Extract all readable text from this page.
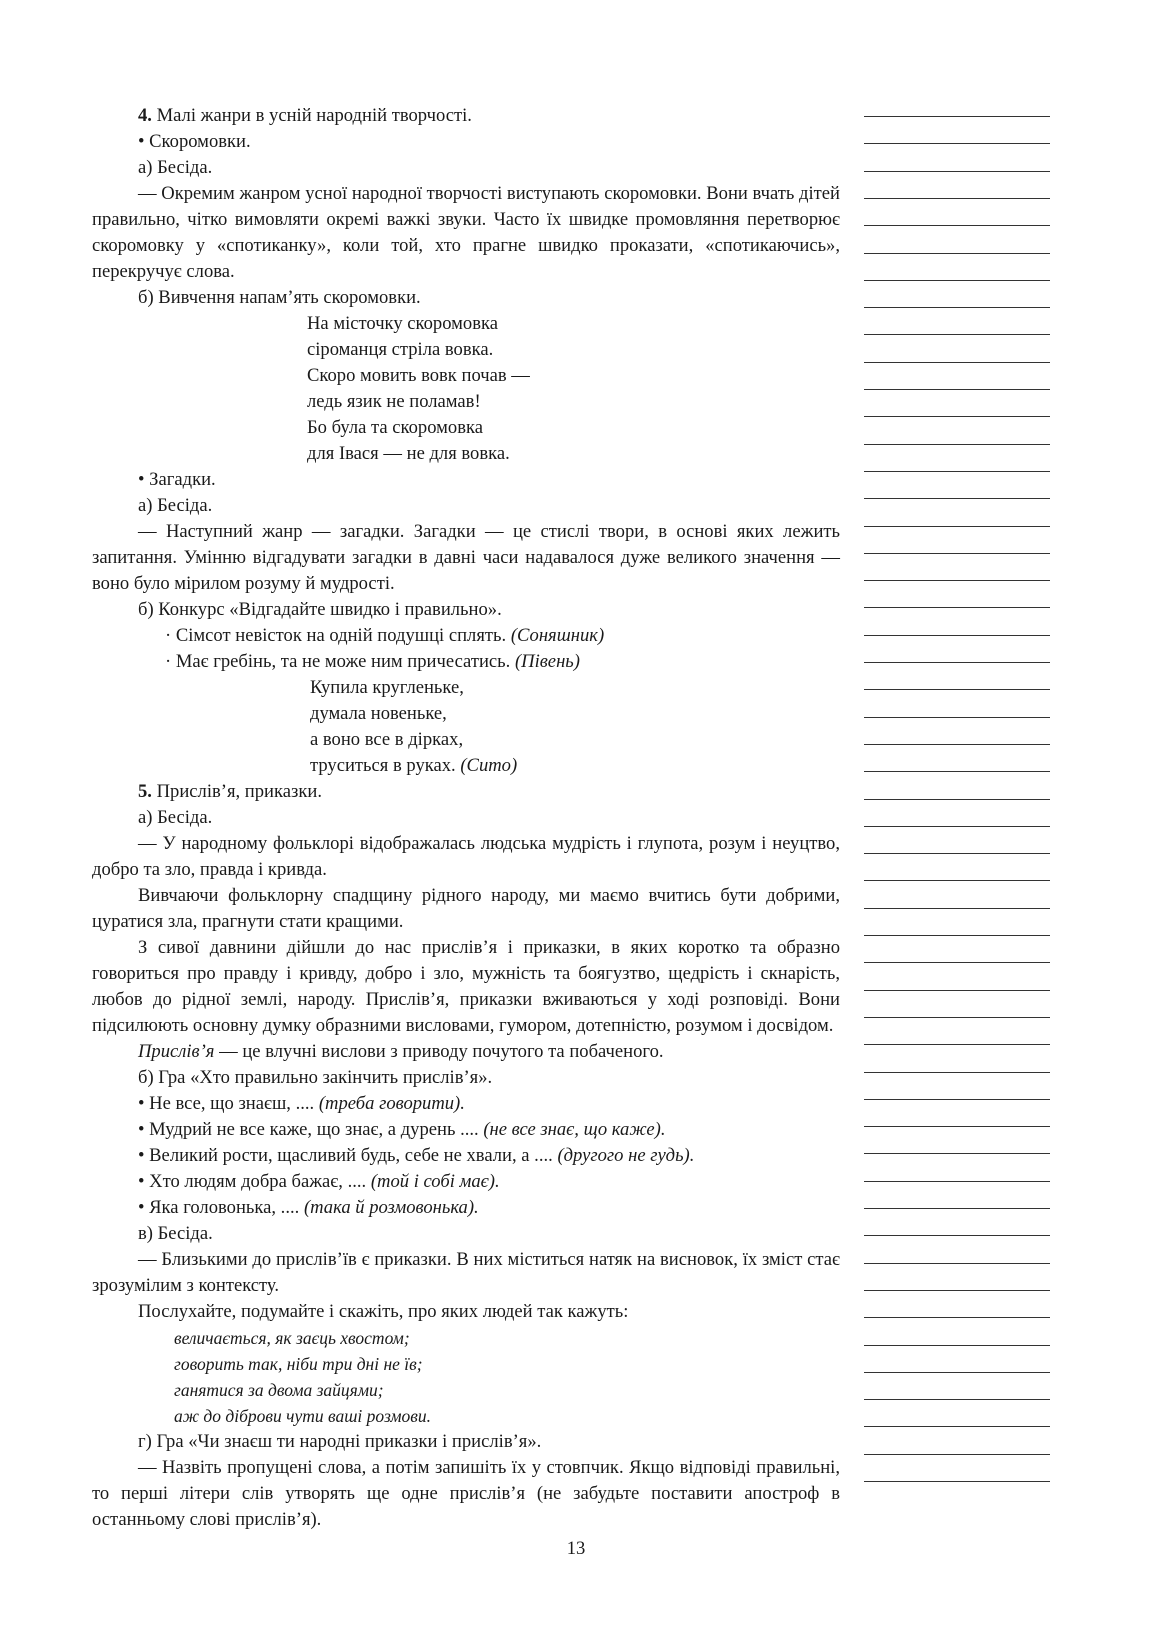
4. Малі жанри в усній народній творчості.

• Скоромовки.

а) Бесіда.

— Окремим жанром усної народної творчості виступають скоромовки. Вони вчать дітей правильно, чітко вимовляти окремі важкі звуки. Часто їх швидке промовляння перетворює скоромовку у «спотиканку», коли той, хто прагне швидко проказати, «спотикаючись», перекручує слова.

б) Вивчення напам’ять скоромовки.

На місточку скоромовка

сіроманця стріла вовка.

Скоро мовить вовк почав —

ледь язик не поламав!

Бо була та скоромовка

для Івася — не для вовка.

• Загадки.

а) Бесіда.

— Наступний жанр — загадки. Загадки — це стислі твори, в основі яких лежить запитання. Умінню відгадувати загадки в давні часи надавалося дуже великого значення — воно було мірилом розуму й мудрості.

б) Конкурс «Відгадайте швидко і правильно».

· Сімсот невісток на одній подушці сплять. (Соняшник)

· Має гребінь, та не може ним причесатись. (Півень)

Купила кругленьке,

думала новеньке,

а воно все в дірках,

труситься в руках. (Сито)

5. Прислів’я, приказки.

а) Бесіда.

— У народному фольклорі відображалась людська мудрість і глупота, розум і неуцтво, добро та зло, правда і кривда.

Вивчаючи фольклорну спадщину рідного народу, ми маємо вчитись бути добрими, цуратися зла, прагнути стати кращими.

З сивої давнини дійшли до нас прислів’я і приказки, в яких коротко та образно говориться про правду і кривду, добро і зло, мужність та боягузтво, щедрість і скнарість, любов до рідної землі, народу. Прислів’я, приказки вживаються у ході розповіді. Вони підсилюють основну думку образними висловами, гумором, дотепністю, розумом і досвідом.

Прислів’я — це влучні вислови з приводу почутого та побаченого.

б) Гра «Хто правильно закінчить прислів’я».

• Не все, що знаєш, .... (треба говорити).

• Мудрий не все каже, що знає, а дурень .... (не все знає, що каже).

• Великий рости, щасливий будь, себе не хвали, а .... (другого не гудь).

• Хто людям добра бажає, .... (той і собі має).

• Яка головонька, .... (така й розмовонька).

в) Бесіда.

— Близькими до прислів’їв є приказки. В них міститься натяк на висновок, їх зміст стає зрозумілим з контексту.

Послухайте, подумайте і скажіть, про яких людей так кажуть:

величається, як заєць хвостом;

говорить так, ніби три дні не їв;

ганятися за двома зайцями;

аж до діброви чути ваші розмови.

г) Гра «Чи знаєш ти народні приказки і прислів’я».

— Назвіть пропущені слова, а потім запишіть їх у стовпчик. Якщо відповіді правильні, то перші літери слів утворять ще одне прислів’я (не забудьте поставити апостроф в останньому слові прислів’я).

13
